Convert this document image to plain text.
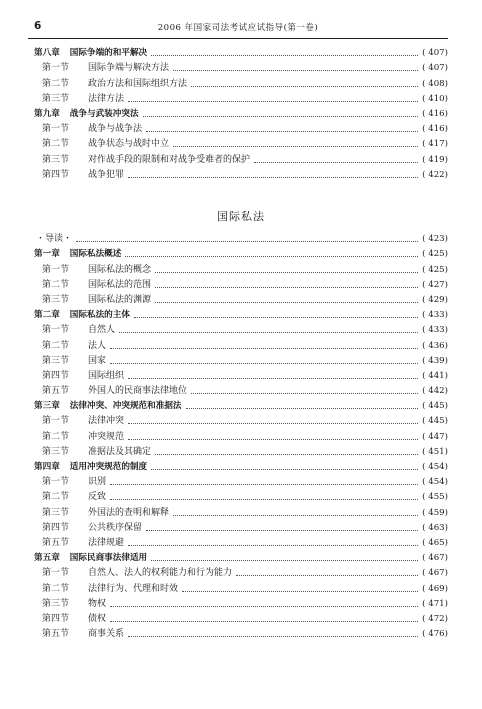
6	2006 年国家司法考试应试指导(第一卷)
第八章 国际争端的和平解决	( 407)
第一节 国际争端与解决方法	( 407)
第二节 政治方法和国际组织方法	( 408)
第三节 法律方法	( 410)
第九章 战争与武装冲突法	( 416)
第一节 战争与战争法	( 416)
第二节 战争状态与战时中立	( 417)
第三节 对作战手段的限制和对战争受难者的保护	( 419)
第四节 战争犯罪	( 422)
国际私法
・导读・	( 423)
第一章 国际私法概述	( 425)
第一节 国际私法的概念	( 425)
第二节 国际私法的范围	( 427)
第三节 国际私法的渊源	( 429)
第二章 国际私法的主体	( 433)
第一节 自然人	( 433)
第二节 法人	( 436)
第三节 国家	( 439)
第四节 国际组织	( 441)
第五节 外国人的民商事法律地位	( 442)
第三章 法律冲突、冲突规范和准据法	( 445)
第一节 法律冲突	( 445)
第二节 冲突规范	( 447)
第三节 准据法及其确定	( 451)
第四章 适用冲突规范的制度	( 454)
第一节 识别	( 454)
第二节 反致	( 455)
第三节 外国法的查明和解释	( 459)
第四节 公共秩序保留	( 463)
第五节 法律规避	( 465)
第五章 国际民商事法律适用	( 467)
第一节 自然人、法人的权利能力和行为能力	( 467)
第二节 法律行为、代理和时效	( 469)
第三节 物权	( 471)
第四节 债权	( 472)
第五节 商事关系	( 476)
